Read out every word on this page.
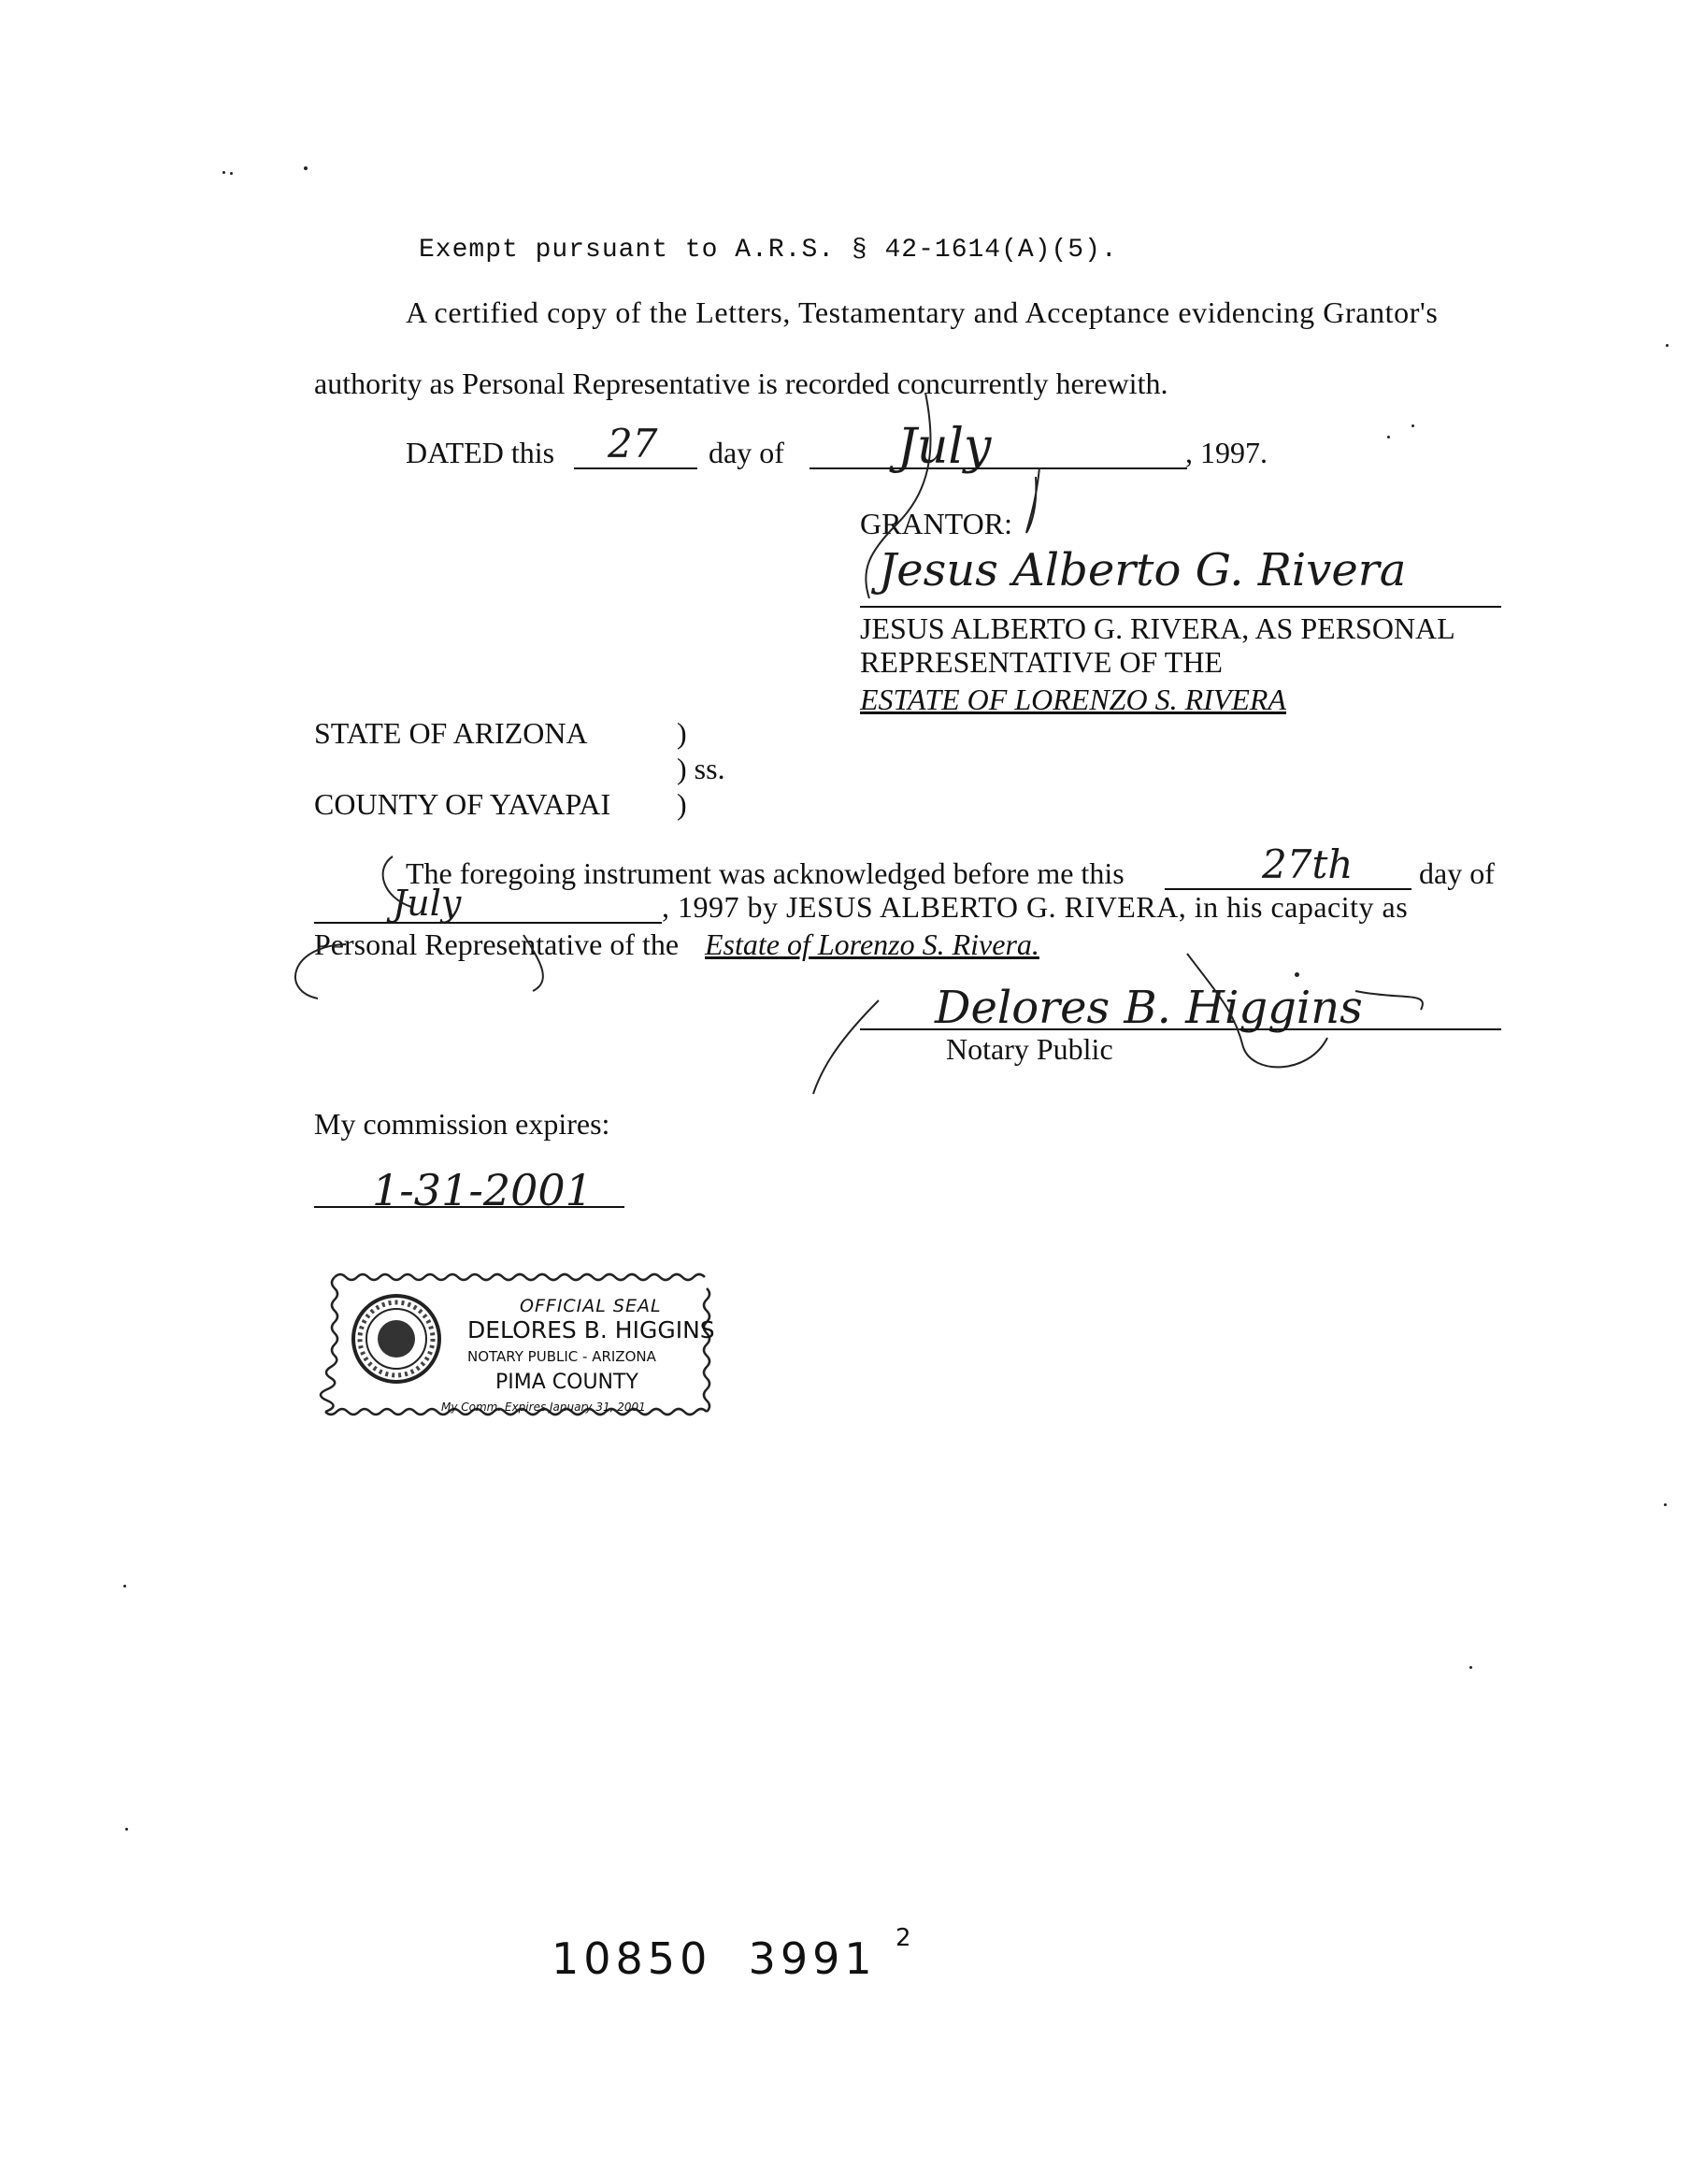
Exempt pursuant to A.R.S. § 42-1614(A)(5).
A certified copy of the Letters, Testamentary and Acceptance evidencing Grantor's
authority as Personal Representative is recorded concurrently herewith.
DATED this 27 day of July	, 1997.
GRANTOR:
Jesus Alberto G. Rivera
JESUS ALBERTO G. RIVERA, AS PERSONAL
REPRESENTATIVE OF THE
ESTATE OF LORENZO S. RIVERA
STATE OF ARIZONA	)
) ss.
COUNTY OF YAVAPAI )
The foregoing instrument was acknowledged before me this	27th day of
July	, 1997 by JESUS ALBERTO G. RIVERA, in his capacity as
Personal Representative of the Estate of Lorenzo S. Rivera.
Delores B. Higgins
Notary Public
My commission expires:
1-31-2001
OFFICIAL SEAL
DELORES B. HIGGINS
NOTARY PUBLIC - ARIZONA
PIMA COUNTY
My Comm. Expires January 31, 2001
10850  3991 2
